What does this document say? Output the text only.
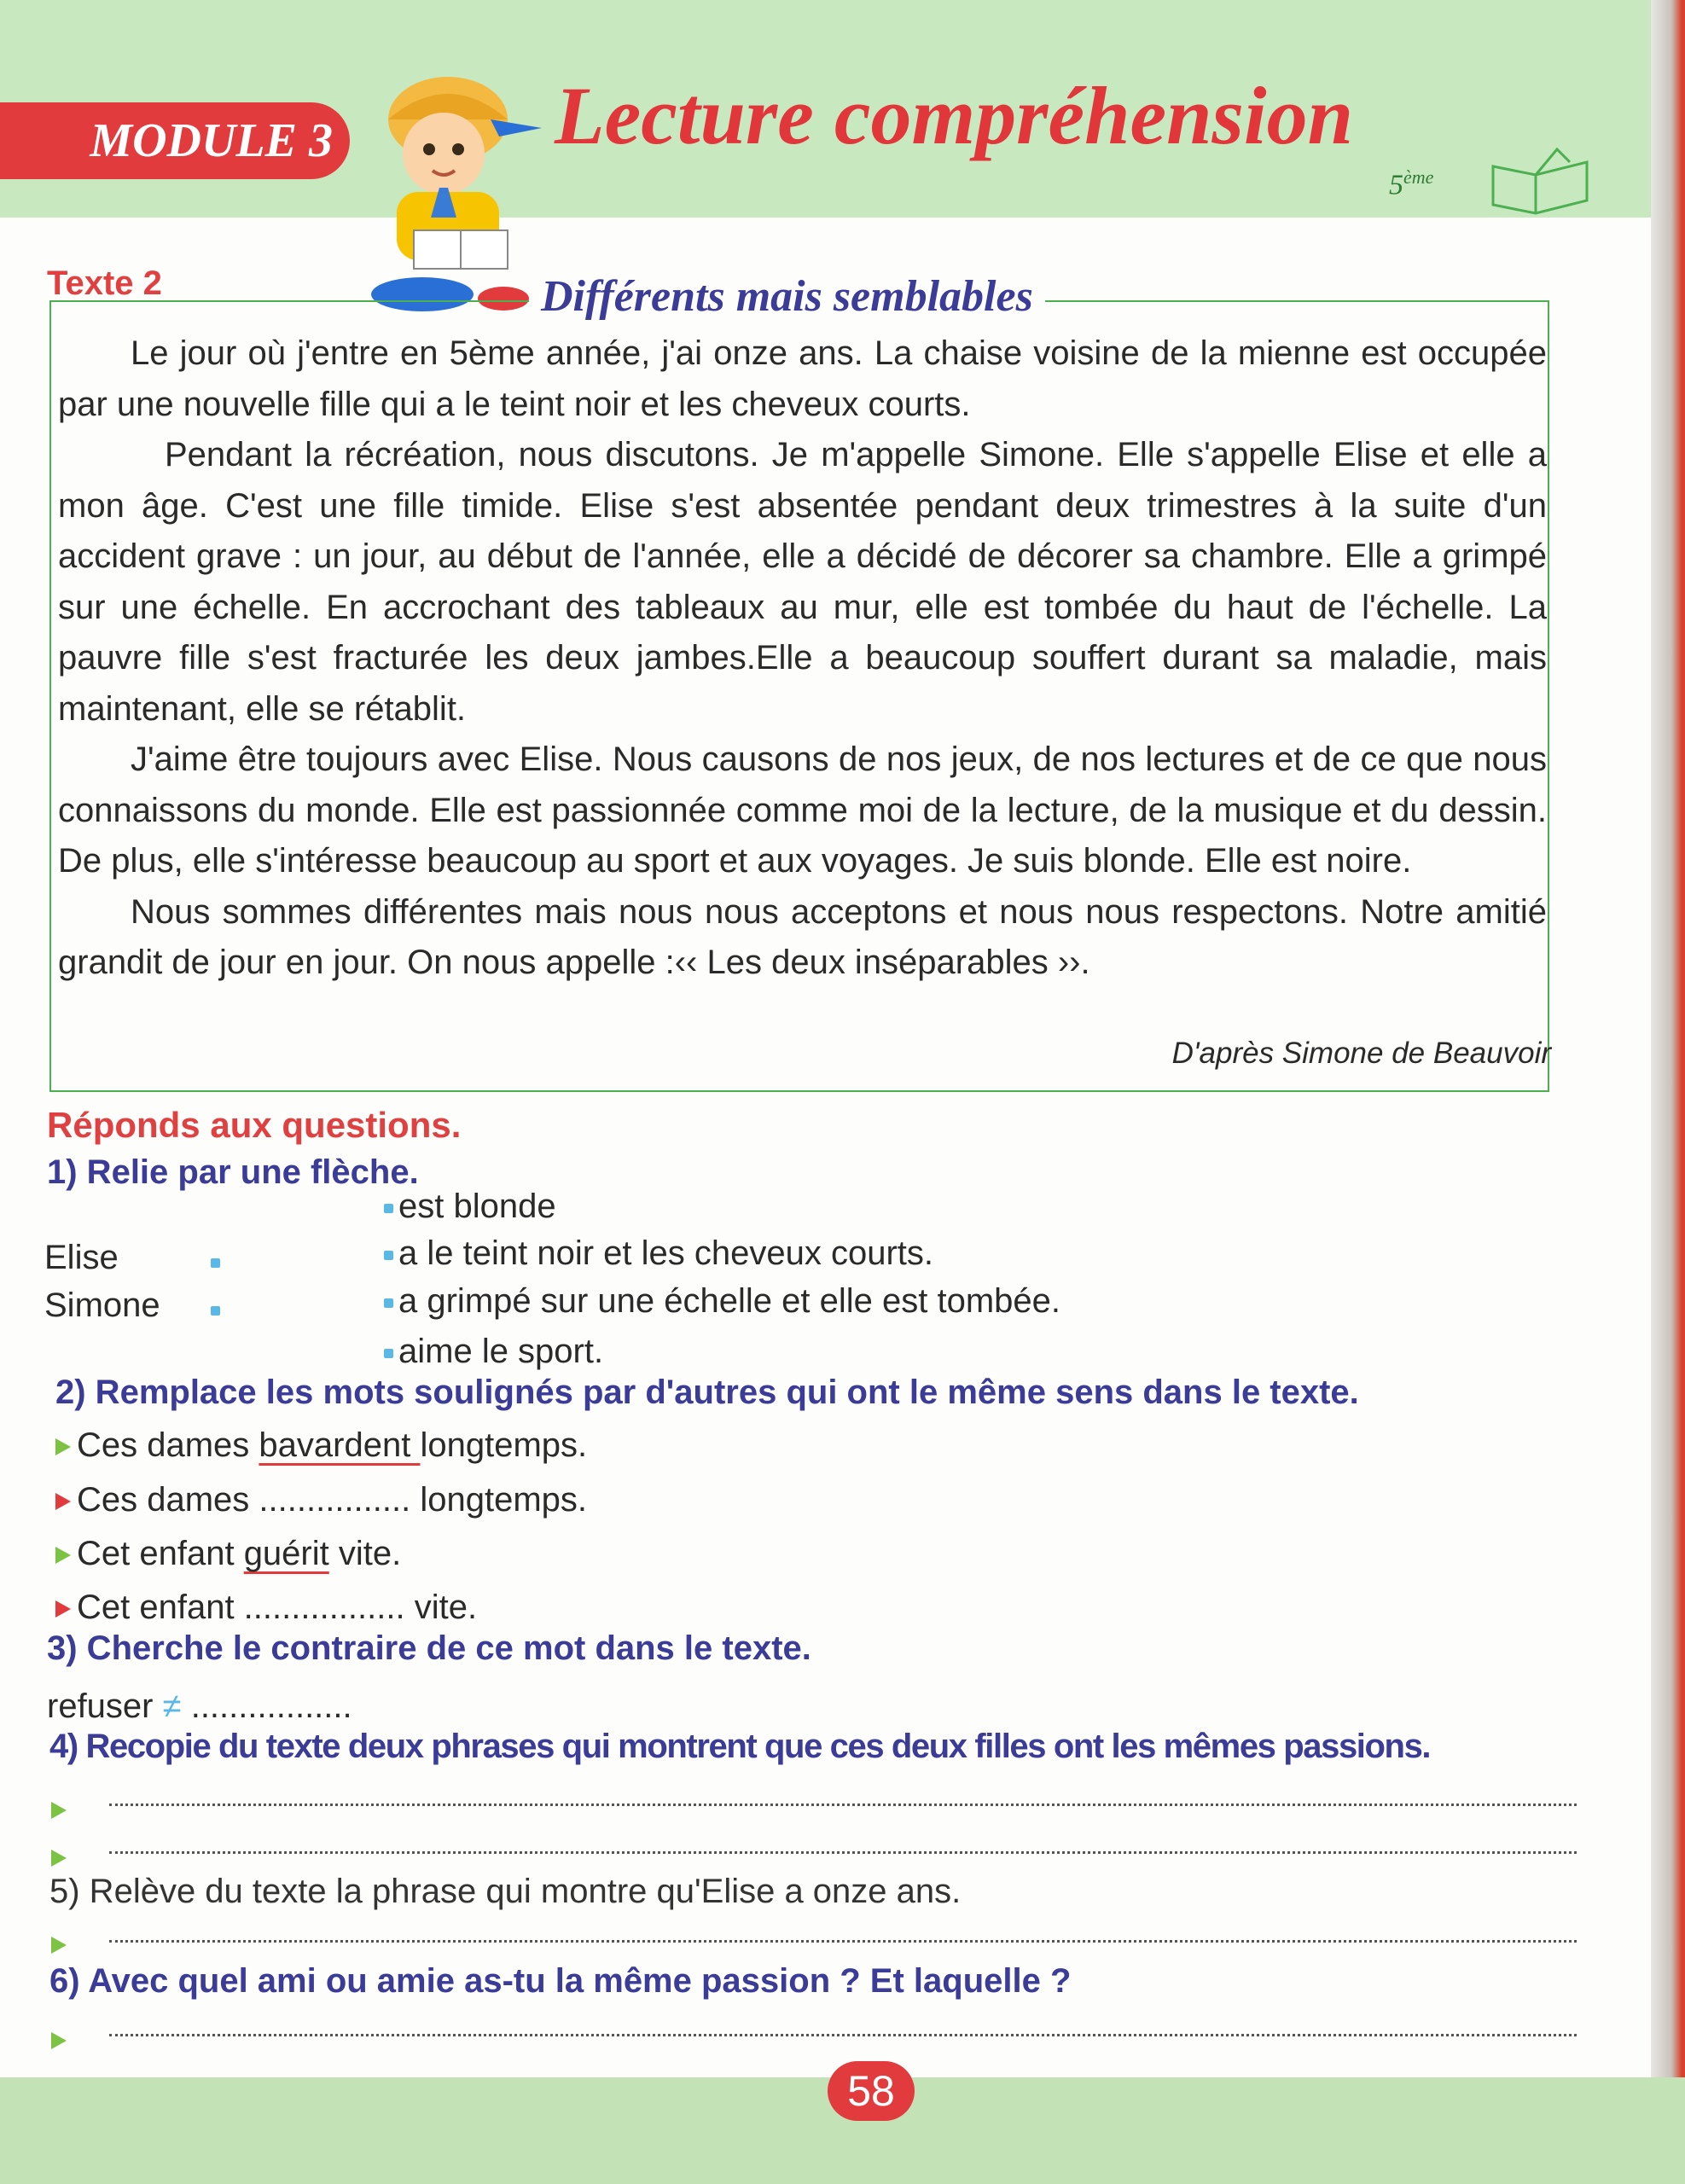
MODULE 3	Lecture compréhension
5ème
Texte 2	Différents mais semblables

Le jour où j'entre en 5ème année, j'ai onze ans. La chaise voisine de la mienne est occupée par une nouvelle fille qui a le teint noir et les cheveux courts.

Pendant la récréation, nous discutons. Je m'appelle Simone. Elle s'appelle Elise et elle a mon âge. C'est une fille timide. Elise s'est absentée pendant deux trimestres à la suite d'un accident grave : un jour, au début de l'année, elle a décidé de décorer sa chambre. Elle a grimpé sur une échelle. En accrochant des tableaux au mur, elle est tombée du haut de l'échelle. La pauvre fille s'est fracturée les deux jambes.Elle a beaucoup souffert durant sa maladie, mais maintenant, elle se rétablit.

J'aime être toujours avec Elise. Nous causons de nos jeux, de nos lectures et de ce que nous connaissons du monde. Elle est passionnée comme moi de la lecture, de la musique et du dessin. De plus, elle s'intéresse beaucoup au sport et aux voyages. Je suis blonde. Elle est noire.

Nous sommes différentes mais nous nous acceptons et nous nous respectons. Notre amitié grandit de jour en jour. On nous appelle :‹‹ Les deux inséparables ››.

D'après Simone de Beauvoir
Réponds aux questions.
1) Relie par une flèche.
est blonde
Elise	a le teint noir et les cheveux courts.
Simone	a grimpé sur une échelle et elle est tombée.
aime le sport.
2) Remplace les mots soulignés par d'autres qui ont le même sens dans le texte.
Ces dames bavardent longtemps.
Ces dames ................ longtemps.
Cet enfant guérit vite.
Cet enfant ................. vite.
3) Cherche le contraire de ce mot dans le texte.
refuser ≠ .................
4) Recopie du texte deux phrases qui montrent que ces deux filles ont les mêmes passions.
5) Relève du texte la phrase qui montre qu'Elise a onze ans.
6) Avec quel ami ou amie as-tu la même passion ? Et laquelle ?
58
